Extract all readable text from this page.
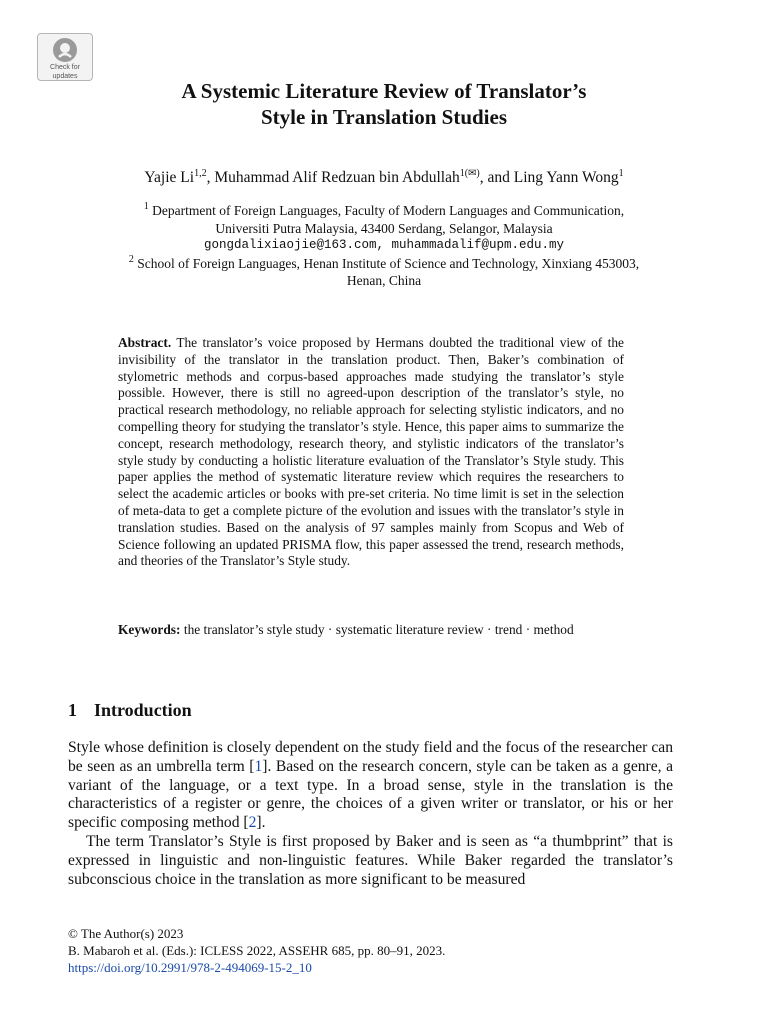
Check for
updates
A Systemic Literature Review of Translator’s
Style in Translation Studies
Yajie Li$^{1,2}$, Muhammad Alif Redzuan bin Abdullah$^{1(✉)}$, and Ling Yann Wong$^1$
$^1$ Department of Foreign Languages, Faculty of Modern Languages and Communication,
Universiti Putra Malaysia, 43400 Serdang, Selangor, Malaysia
gongdalixiaojie@163.com, muhammadalif@upm.edu.my
$^2$ School of Foreign Languages, Henan Institute of Science and Technology, Xinxiang 453003,
Henan, China
Abstract. The translator’s voice proposed by Hermans doubted the traditional view of the invisibility of the translator in the translation product. Then, Baker’s combination of stylometric methods and corpus-based approaches made studying the translator’s style possible. However, there is still no agreed-upon description of the translator’s style, no practical research methodology, no reliable approach for selecting stylistic indicators, and no compelling theory for studying the translator’s style. Hence, this paper aims to summarize the concept, research methodology, research theory, and stylistic indicators of the translator’s style study by conducting a holistic literature evaluation of the Translator’s Style study. This paper applies the method of systematic literature review which requires the researchers to select the academic articles or books with pre-set criteria. No time limit is set in the selection of meta-data to get a complete picture of the evolution and issues with the translator’s style in translation studies. Based on the analysis of 97 samples mainly from Scopus and Web of Science following an updated PRISMA flow, this paper assessed the trend, research methods, and theories of the Translator’s Style study.
Keywords: the translator’s style study · systematic literature review · trend · method
1 Introduction

Style whose definition is closely dependent on the study field and the focus of the researcher can be seen as an umbrella term [1]. Based on the research concern, style can be taken as a genre, a variant of the language, or a text type. In a broad sense, style in the translation is the characteristics of a register or genre, the choices of a given writer or translator, or his or her specific composing method [2].

The term Translator’s Style is first proposed by Baker and is seen as “a thumbprint” that is expressed in linguistic and non-linguistic features. While Baker regarded the translator’s subconscious choice in the translation as more significant to be measured

© The Author(s) 2023
B. Mabaroh et al. (Eds.): ICLESS 2022, ASSEHR 685, pp. 80–91, 2023.
https://doi.org/10.2991/978-2-494069-15-2_10
